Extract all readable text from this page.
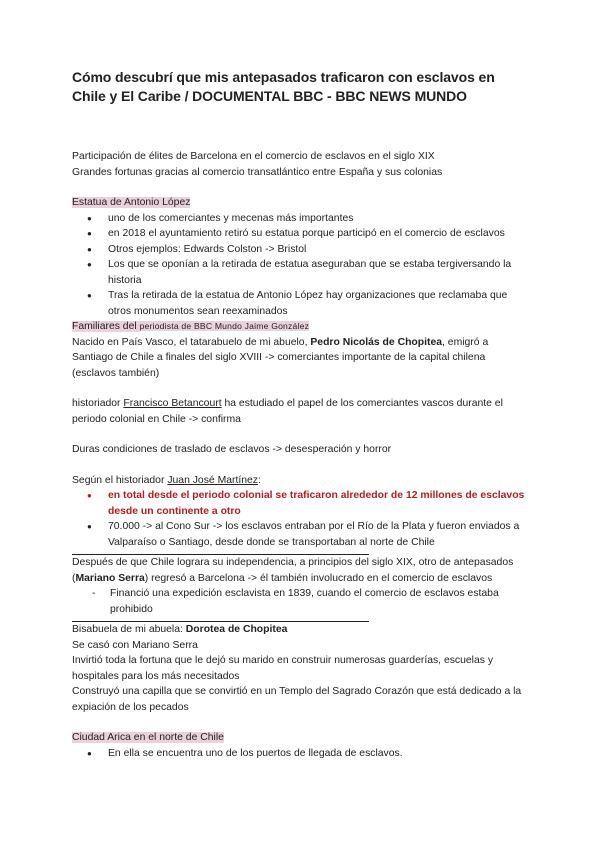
Cómo descubrí que mis antepasados traficaron con esclavos en Chile y El Caribe / DOCUMENTAL BBC - BBC NEWS MUNDO

Participación de élites de Barcelona en el comercio de esclavos en el siglo XIX

Grandes fortunas gracias al comercio transatlántico entre España y sus colonias

Estatua de Antonio López

● uno de los comerciantes y mecenas más importantes
● en 2018 el ayuntamiento retiró su estatua porque participó en el comercio de esclavos
● Otros ejemplos: Edwards Colston -> Bristol
● Los que se oponían a la retirada de estatua aseguraban que se estaba tergiversando la historia
● Tras la retirada de la estatua de Antonio López hay organizaciones que reclamaba que otros monumentos sean reexaminados

Familiares del periodista de BBC Mundo Jaime González

Nacido en País Vasco, el tatarabuelo de mi abuelo, Pedro Nicolás de Chopitea, emigró a Santiago de Chile a finales del siglo XVIII -> comerciantes importante de la capital chilena (esclavos también)

historiador Francisco Betancourt ha estudiado el papel de los comerciantes vascos durante el periodo colonial en Chile -> confirma

Duras condiciones de traslado de esclavos -> desesperación y horror

Según el historiador Juan José Martínez:

● en total desde el periodo colonial se traficaron alrededor de 12 millones de esclavos desde un continente a otro
● 70.000 -> al Cono Sur -> los esclavos entraban por el Río de la Plata y fueron enviados a Valparaíso o Santiago, desde donde se transportaban al norte de Chile

Después de que Chile lograra su independencia, a principios del siglo XIX, otro de antepasados (Mariano Serra) regresó a Barcelona -> él también involucrado en el comercio de esclavos

- Financió una expedición esclavista en 1839, cuando el comercio de esclavos estaba prohibido

Bisabuela de mi abuela: Dorotea de Chopitea

Se casó con Mariano Serra

Invirtió toda la fortuna que le dejó su marido en construir numerosas guarderías, escuelas y hospitales para los más necesitados

Construyó una capilla que se convirtió en un Templo del Sagrado Corazón que está dedicado a la expiación de los pecados

Ciudad Arica en el norte de Chile

● En ella se encuentra uno de los puertos de llegada de esclavos.
